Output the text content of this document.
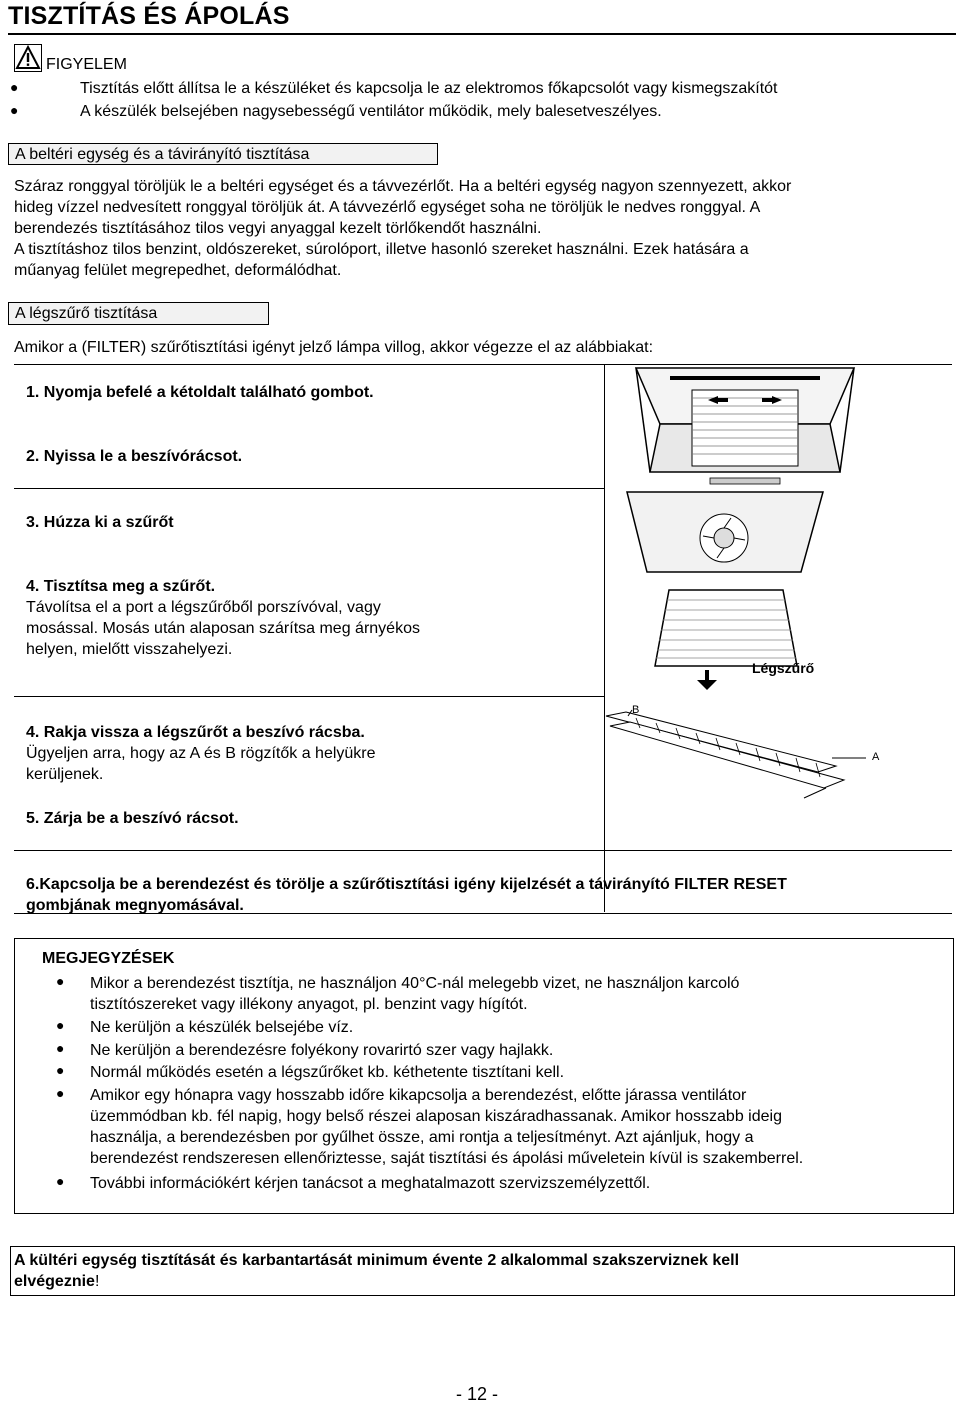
TISZTÍTÁS ÉS ÁPOLÁS
FIGYELEM
●	Tisztítás előtt állítsa le a készüléket és kapcsolja le az elektromos főkapcsolót vagy kismegszakítót
●	A készülék belsejében nagysebességű ventilátor működik, mely balesetveszélyes.
A beltéri egység és a távirányító tisztítása
Száraz ronggyal töröljük le a beltéri egységet és a távvezérlőt. Ha a beltéri egység nagyon szennyezett, akkor
hideg vízzel nedvesített ronggyal töröljük át. A távvezérlő egységet soha ne töröljük le nedves ronggyal. A
berendezés tisztításához tilos vegyi anyaggal kezelt törlőkendőt használni.
A tisztításhoz tilos benzint, oldószereket, súrolóport, illetve hasonló szereket használni. Ezek hatására a
műanyag felület megrepedhet, deformálódhat.
A légszűrő tisztítása
Amikor a (FILTER) szűrőtisztítási igényt jelző lámpa villog, akkor végezze el az alábbiakat:
1. Nyomja befelé a kétoldalt található gombot.
2. Nyissa le a beszívórácsot.
3. Húzza ki a szűrőt
4. Tisztítsa meg a szűrőt.
Távolítsa el a port a légszűrőből porszívóval, vagy
mosással. Mosás után alaposan szárítsa meg árnyékos
helyen, mielőtt visszahelyezi.
4. Rakja vissza a légszűrőt a beszívó rácsba.
Ügyeljen arra, hogy az A és B rögzítők a helyükre
kerüljenek.
5. Zárja be a beszívó rácsot.
6.Kapcsolja be a berendezést és törölje a szűrőtisztítási igény kijelzését a távirányító FILTER RESET
gombjának megnyomásával.
Légszűrő
B
A
MEGJEGYZÉSEK
● Mikor a berendezést tisztítja, ne használjon 40°C-nál melegebb vizet, ne használjon karcoló
tisztítószereket vagy illékony anyagot, pl. benzint vagy hígítót.
● Ne kerüljön a készülék belsejébe víz.
● Ne kerüljön a berendezésre folyékony rovarirtó szer vagy hajlakk.
● Normál működés esetén a légszűrőket kb. kéthetente tisztítani kell.
● Amikor egy hónapra vagy hosszabb időre kikapcsolja a berendezést, előtte járassa ventilátor
üzemmódban kb. fél napig, hogy belső részei alaposan kiszáradhassanak. Amikor hosszabb ideig
használja, a berendezésben por gyűlhet össze, ami rontja a teljesítményt. Azt ajánljuk, hogy a
berendezést rendszeresen ellenőriztesse, saját tisztítási és ápolási műveletein kívül is szakemberrel.
● További információkért kérjen tanácsot a meghatalmazott szervizszemélyzettől.
A kültéri egység tisztítását és karbantartását minimum évente 2 alkalommal szakszerviznek kell
elvégeznie!
- 12 -
